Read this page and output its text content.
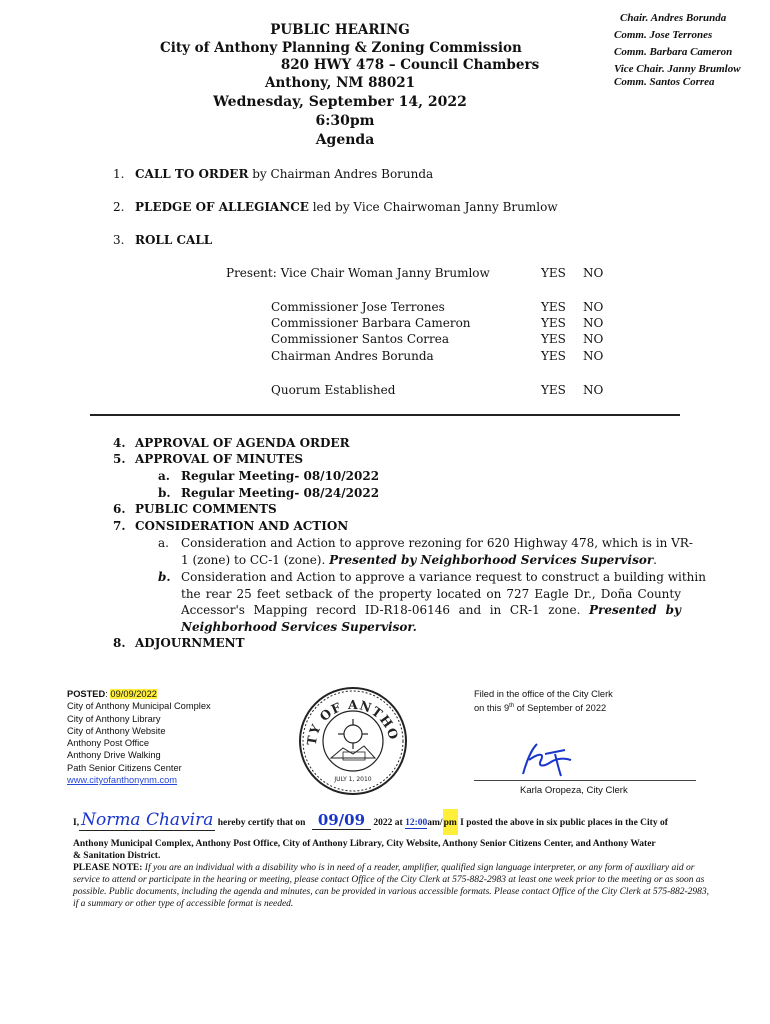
PUBLIC HEARING
City of Anthony Planning & Zoning Commission
820 HWY 478 – Council Chambers
Anthony, NM 88021
Wednesday, September 14, 2022
6:30pm
Agenda
Chair. Andres Borunda
Comm. Jose Terrones
Comm. Barbara Cameron
Vice Chair. Janny Brumlow
Comm. Santos Correa
1. CALL TO ORDER by Chairman Andres Borunda
2. PLEDGE OF ALLEGIANCE led by Vice Chairwoman Janny Brumlow
3. ROLL CALL
Present: Vice Chair Woman Janny Brumlow	YES NO
Commissioner Jose Terrones	YES NO
Commissioner Barbara Cameron	YES NO
Commissioner Santos Correa	YES NO
Chairman Andres Borunda	YES NO
Quorum Established	YES NO
4. APPROVAL OF AGENDA ORDER
5. APPROVAL OF MINUTES
a. Regular Meeting- 08/10/2022
b. Regular Meeting- 08/24/2022
6. PUBLIC COMMENTS
7. CONSIDERATION AND ACTION
a. Consideration and Action to approve rezoning for 620 Highway 478, which is in VR-
1 (zone) to CC-1 (zone). Presented by Neighborhood Services Supervisor.
b. Consideration and Action to approve a variance request to construct a building within
the rear 25 feet setback of the property located on 727 Eagle Dr., Doña County
Accessor's Mapping record ID-R18-06146 and in CR-1 zone. Presented by
Neighborhood Services Supervisor.
8. ADJOURNMENT
POSTED: 09/09/2022
City of Anthony Municipal Complex
City of Anthony Library
City of Anthony Website
Anthony Post Office
Anthony Drive Walking
Path Senior Citizens Center
www.cityofanthonynm.com
TY OF ANTHO
JULY 1, 2010
Filed in the office of the City Clerk
on this 9th of September of 2022
Karla Oropeza, City Clerk
I, Norma Chavira hereby certify that on 09/09 2022 at 12:00am/pm I posted the above in six public places in the City of
Anthony Municipal Complex, Anthony Post Office, City of Anthony Library, City Website, Anthony Senior Citizens Center, and Anthony Water
& Sanitation District.
PLEASE NOTE: If you are an individual with a disability who is in need of a reader, amplifier, qualified sign language interpreter, or any form of auxiliary aid or service to attend or participate in the hearing or meeting, please contact Office of the City Clerk at 575-882-2983 at least one week prior to the meeting or as soon as possible. Public documents, including the agenda and minutes, can be provided in various accessible formats. Please contact Office of the City Clerk at 575-882-2983, if a summary or other type of accessible format is needed.
